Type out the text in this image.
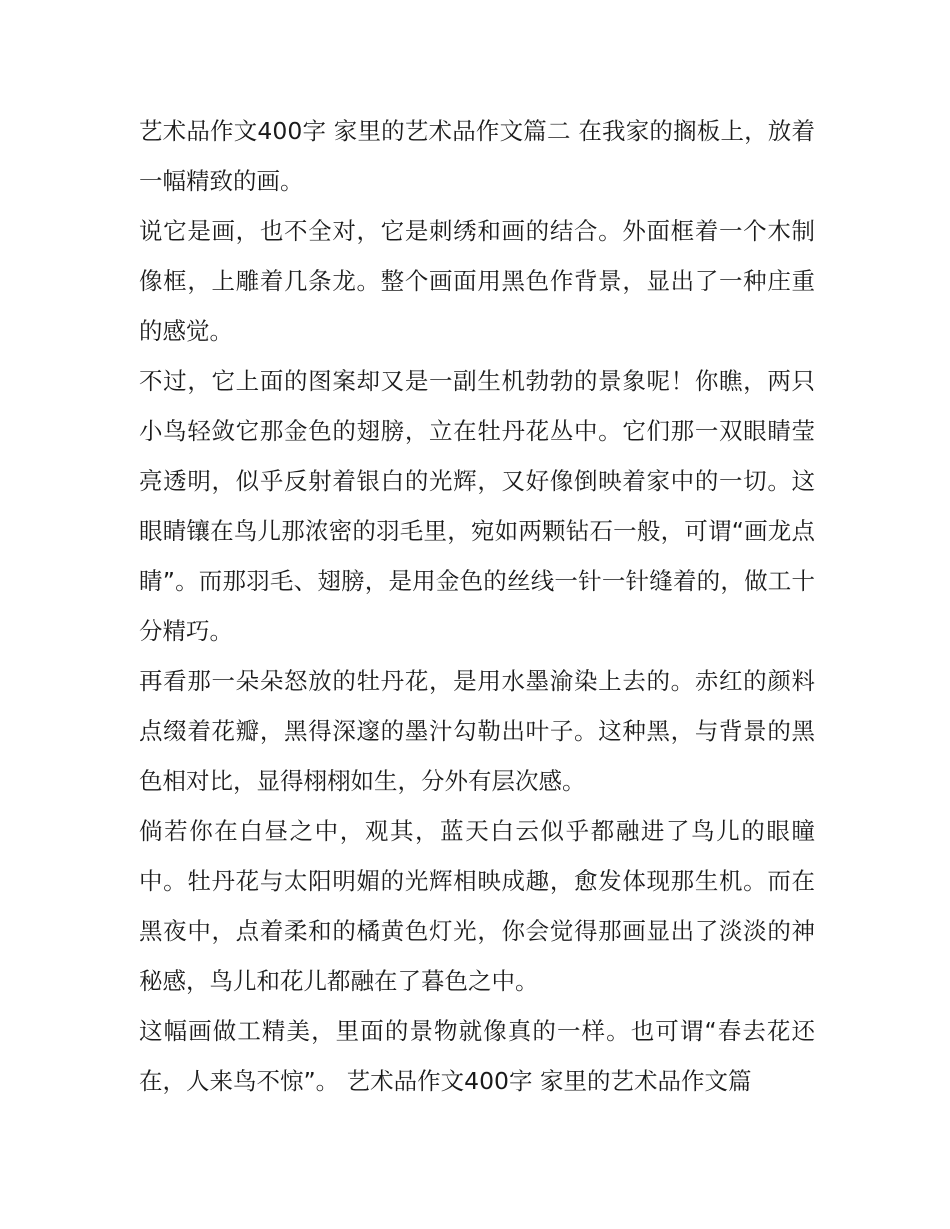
艺术品作文400字 家里的艺术品作文篇二 在我家的搁板上，放着一幅精致的画。

说它是画，也不全对，它是刺绣和画的结合。外面框着一个木制像框，上雕着几条龙。整个画面用黑色作背景，显出了一种庄重的感觉。

不过，它上面的图案却又是一副生机勃勃的景象呢！你瞧，两只小鸟轻敛它那金色的翅膀，立在牡丹花丛中。它们那一双眼睛莹亮透明，似乎反射着银白的光辉，又好像倒映着家中的一切。这眼睛镶在鸟儿那浓密的羽毛里，宛如两颗钻石一般，可谓“画龙点睛”。而那羽毛、翅膀，是用金色的丝线一针一针缝着的，做工十分精巧。

再看那一朵朵怒放的牡丹花，是用水墨渝染上去的。赤红的颜料点缀着花瓣，黑得深邃的墨汁勾勒出叶子。这种黑，与背景的黑色相对比，显得栩栩如生，分外有层次感。

倘若你在白昼之中，观其，蓝天白云似乎都融进了鸟儿的眼瞳中。牡丹花与太阳明媚的光辉相映成趣，愈发体现那生机。而在黑夜中，点着柔和的橘黄色灯光，你会觉得那画显出了淡淡的神秘感，鸟儿和花儿都融在了暮色之中。

这幅画做工精美，里面的景物就像真的一样。也可谓“春去花还在，人来鸟不惊”。 艺术品作文400字 家里的艺术品作文篇
